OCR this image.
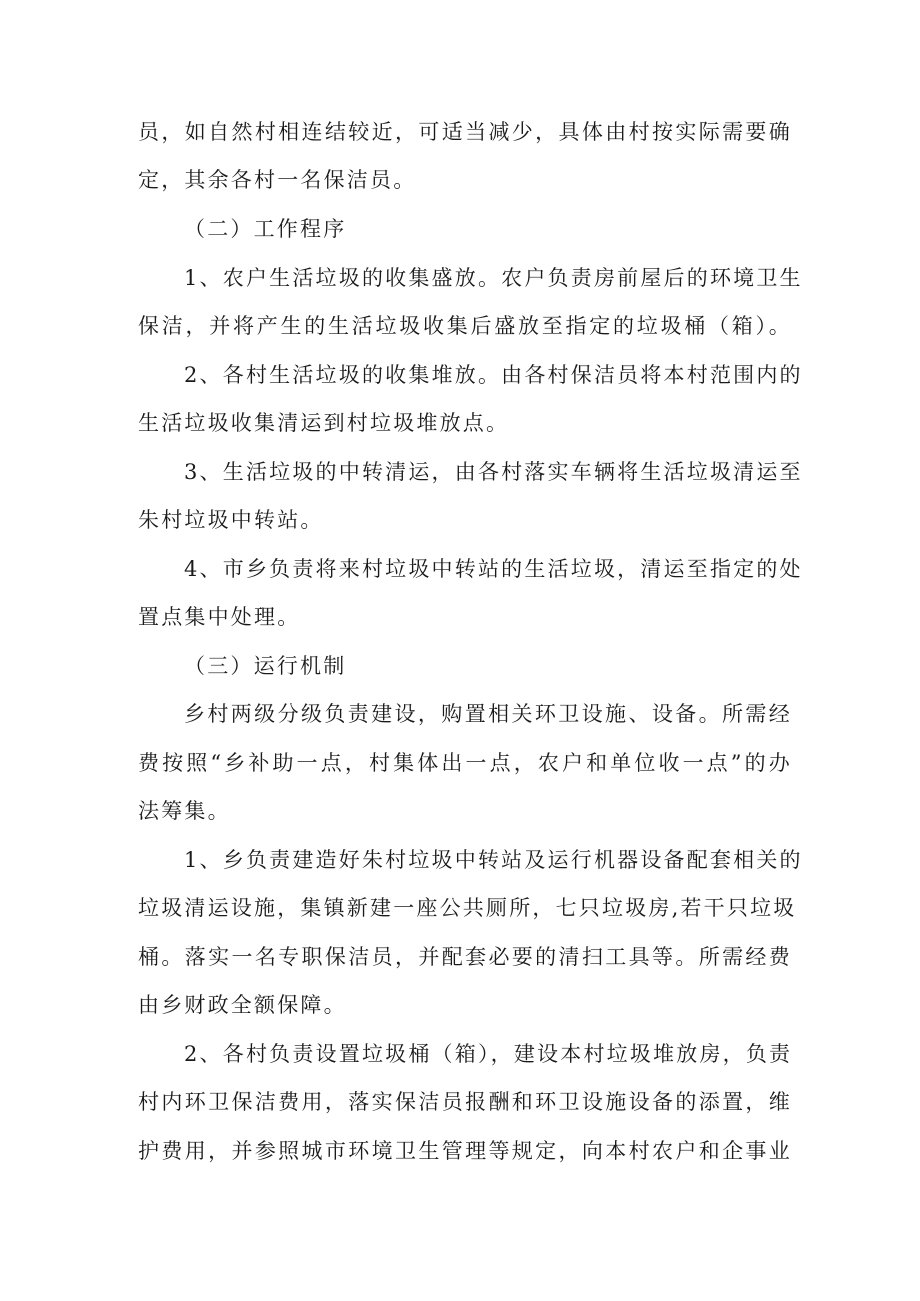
员，如自然村相连结较近，可适当减少，具体由村按实际需要确
定，其余各村一名保洁员。
（二）工作程序
1、农户生活垃圾的收集盛放。农户负责房前屋后的环境卫生
保洁，并将产生的生活垃圾收集后盛放至指定的垃圾桶（箱）。
2、各村生活垃圾的收集堆放。由各村保洁员将本村范围内的
生活垃圾收集清运到村垃圾堆放点。
3、生活垃圾的中转清运，由各村落实车辆将生活垃圾清运至
朱村垃圾中转站。
4、市乡负责将来村垃圾中转站的生活垃圾，清运至指定的处
置点集中处理。
（三）运行机制
乡村两级分级负责建设，购置相关环卫设施、设备。所需经
费按照“乡补助一点，村集体出一点，农户和单位收一点”的办
法筹集。
1、乡负责建造好朱村垃圾中转站及运行机器设备配套相关的
垃圾清运设施，集镇新建一座公共厕所，七只垃圾房,若干只垃圾
桶。落实一名专职保洁员，并配套必要的清扫工具等。所需经费
由乡财政全额保障。
2、各村负责设置垃圾桶（箱），建设本村垃圾堆放房，负责
村内环卫保洁费用，落实保洁员报酬和环卫设施设备的添置，维
护费用，并参照城市环境卫生管理等规定，向本村农户和企事业
